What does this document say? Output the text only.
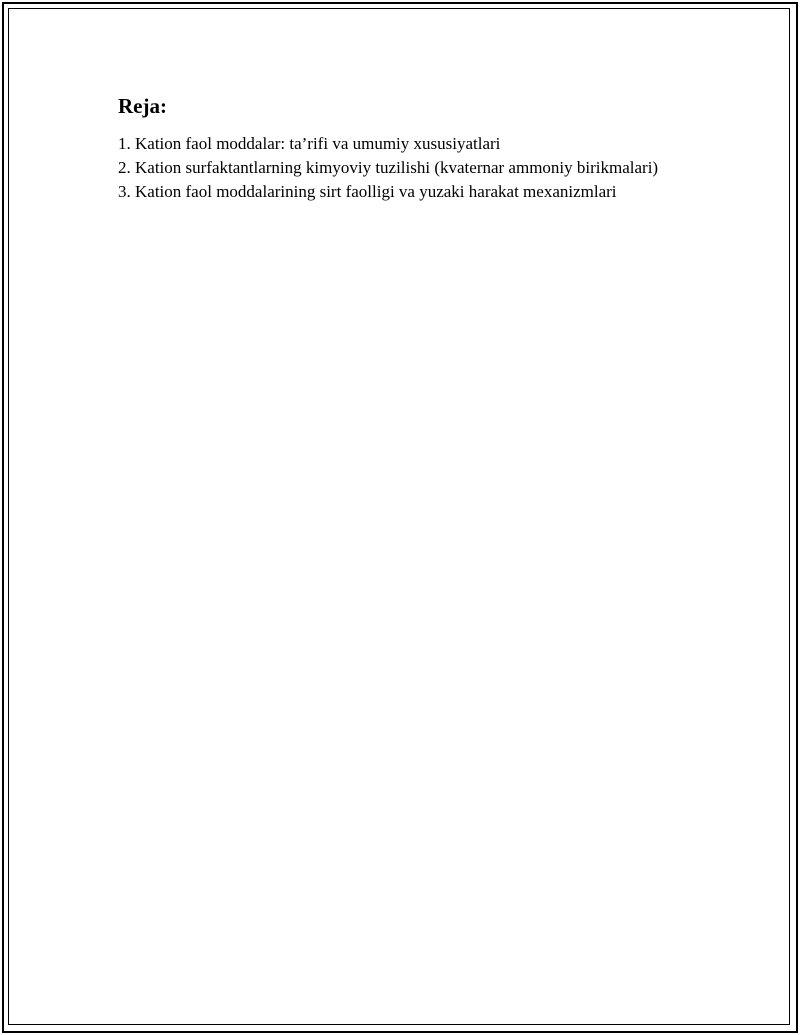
Reja:
1. Kation faol moddalar: ta’rifi va umumiy xususiyatlari
2. Kation surfaktantlarning kimyoviy tuzilishi (kvaternar ammoniy birikmalari)
3. Kation faol moddalarining sirt faolligi va yuzaki harakat mexanizmlari
